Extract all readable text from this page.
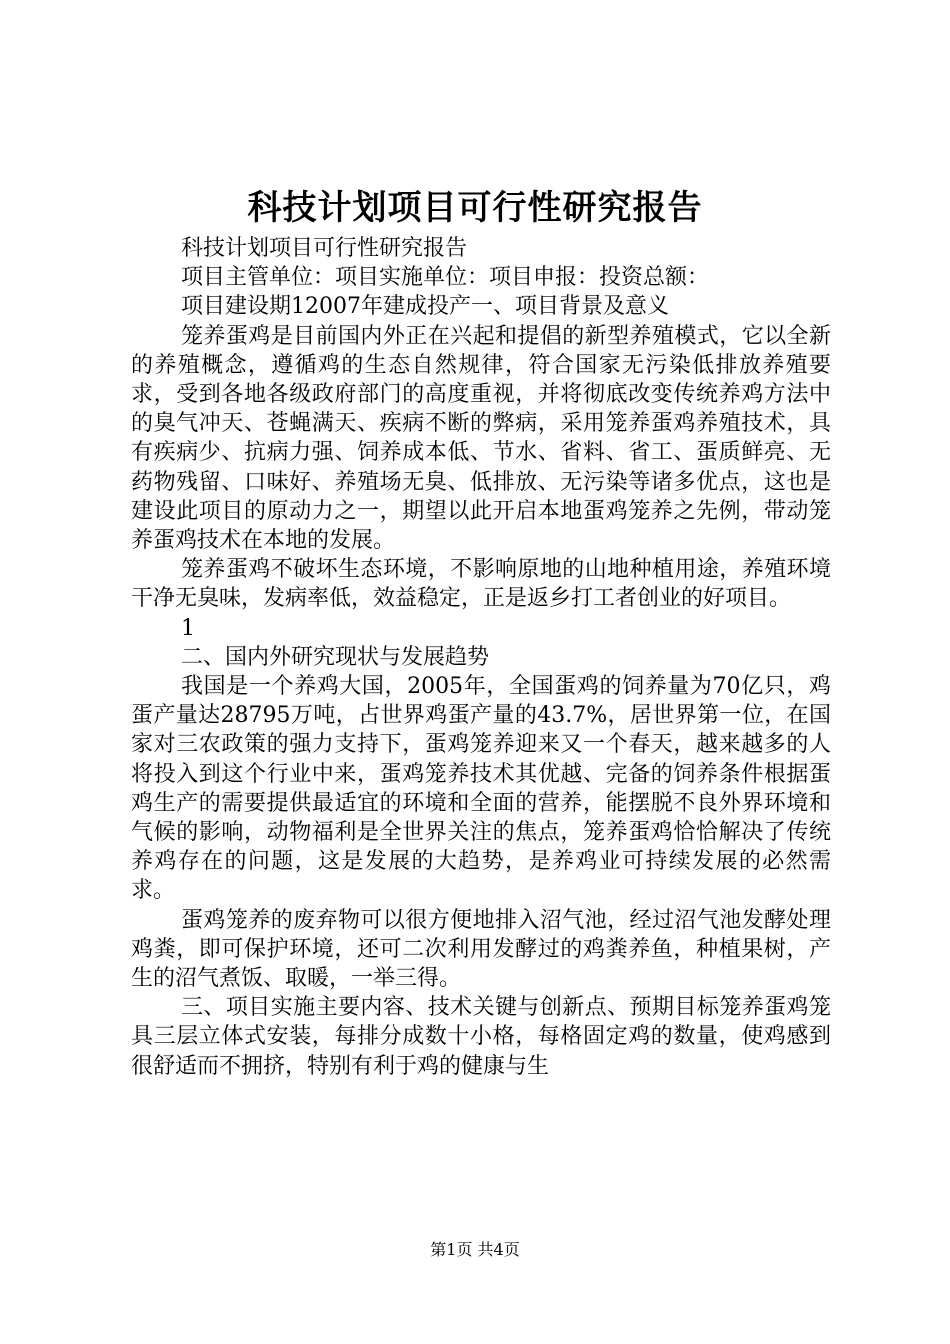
科技计划项目可行性研究报告

科技计划项目可行性研究报告

项目主管单位：项目实施单位：项目申报：投资总额：

项目建设期12007年建成投产一、项目背景及意义

笼养蛋鸡是目前国内外正在兴起和提倡的新型养殖模式，它以全新的养殖概念，遵循鸡的生态自然规律，符合国家无污染低排放养殖要求，受到各地各级政府部门的高度重视，并将彻底改变传统养鸡方法中的臭气冲天、苍蝇满天、疾病不断的弊病，采用笼养蛋鸡养殖技术，具有疾病少、抗病力强、饲养成本低、节水、省料、省工、蛋质鲜亮、无药物残留、口味好、养殖场无臭、低排放、无污染等诸多优点，这也是建设此项目的原动力之一，期望以此开启本地蛋鸡笼养之先例，带动笼养蛋鸡技术在本地的发展。

笼养蛋鸡不破坏生态环境，不影响原地的山地种植用途，养殖环境干净无臭味，发病率低，效益稳定，正是返乡打工者创业的好项目。

1

二、国内外研究现状与发展趋势

我国是一个养鸡大国，2005年，全国蛋鸡的饲养量为70亿只，鸡蛋产量达28795万吨，占世界鸡蛋产量的43.7%，居世界第一位，在国家对三农政策的强力支持下，蛋鸡笼养迎来又一个春天，越来越多的人将投入到这个行业中来，蛋鸡笼养技术其优越、完备的饲养条件根据蛋鸡生产的需要提供最适宜的环境和全面的营养，能摆脱不良外界环境和气候的影响，动物福利是全世界关注的焦点，笼养蛋鸡恰恰解决了传统养鸡存在的问题，这是发展的大趋势，是养鸡业可持续发展的必然需求。

蛋鸡笼养的废弃物可以很方便地排入沼气池，经过沼气池发酵处理鸡粪，即可保护环境，还可二次利用发酵过的鸡粪养鱼，种植果树，产生的沼气煮饭、取暖，一举三得。

三、项目实施主要内容、技术关键与创新点、预期目标笼养蛋鸡笼具三层立体式安装，每排分成数十小格，每格固定鸡的数量，使鸡感到很舒适而不拥挤，特别有利于鸡的健康与生

第1页 共4页
